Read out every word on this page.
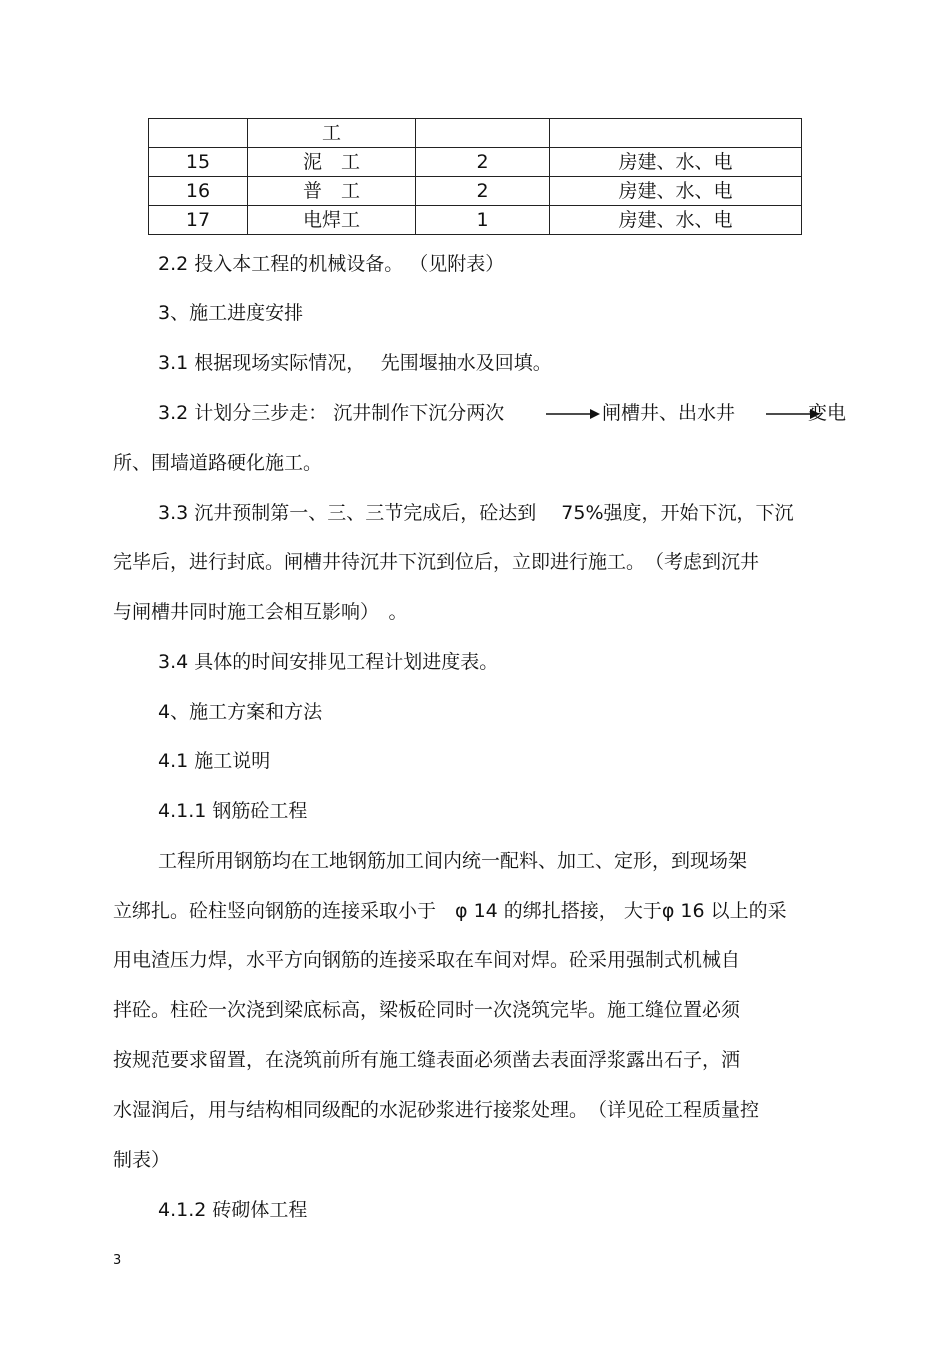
	工		
15	泥　工	2	房建、水、电
16	普　工	2	房建、水、电
17	电焊工	1	房建、水、电

2.2 投入本工程的机械设备。 （见附表）

3、施工进度安排

3.1 根据现场实际情况，　 先围堰抽水及回填。

3.2 计划分三步走： 沉井制作下沉分两次	闸槽井、出水井	变电

所、围墙道路硬化施工。

3.3 沉井预制第一、三、三节完成后，砼达到　 75%强度，开始下沉，下沉

完毕后，进行封底。闸槽井待沉井下沉到位后，立即进行施工。　（考虑到沉井

与闸槽井同时施工会相互影响）　。

3.4 具体的时间安排见工程计划进度表。

4、施工方案和方法

4.1 施工说明

4.1.1 钢筋砼工程

工程所用钢筋均在工地钢筋加工间内统一配料、加工、定形，到现场架

立绑扎。砼柱竖向钢筋的连接采取小于　φ 14 的绑扎搭接， 大于φ 16 以上的采

用电渣压力焊，水平方向钢筋的连接采取在车间对焊。砼采用强制式机械自

拌砼。柱砼一次浇到梁底标高，梁板砼同时一次浇筑完毕。施工缝位置必须

按规范要求留置，在浇筑前所有施工缝表面必须凿去表面浮浆露出石子，洒

水湿润后，用与结构相同级配的水泥砂浆进行接浆处理。　（详见砼工程质量控

制表）

4.1.2 砖砌体工程

3
